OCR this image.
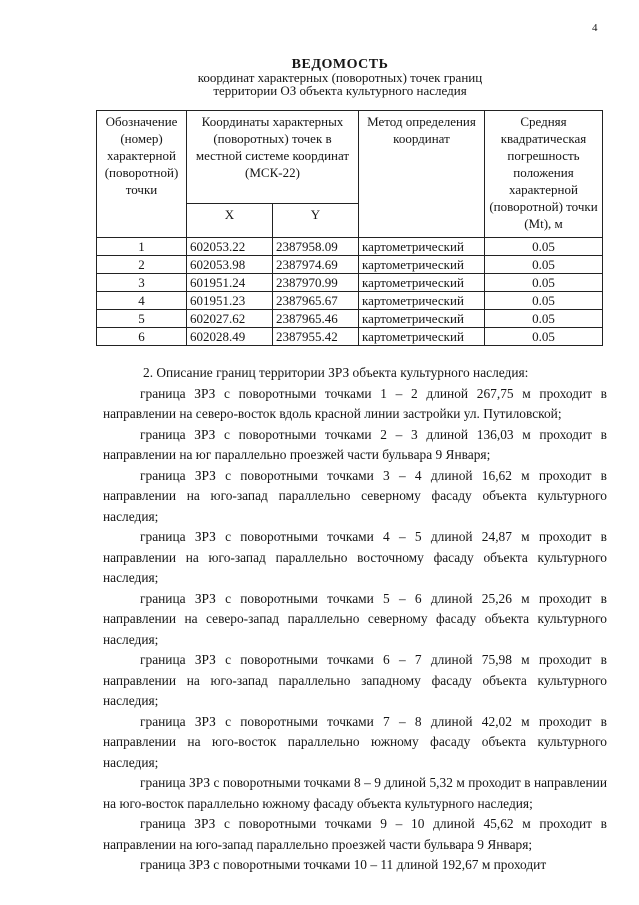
4
ВЕДОМОСТЬ
координат характерных (поворотных) точек границ
территории ОЗ объекта культурного наследия
Обозначение (номер) характерной (поворотной) точки	Координаты характерных (поворотных) точек в местной системе координат (МСК-22)		Метод определения координат	Средняя квадратическая погрешность положения характерной (поворотной) точки (Mt), м
	X	Y		
1	602053.22	2387958.09	картометрический	0.05
2	602053.98	2387974.69	картометрический	0.05
3	601951.24	2387970.99	картометрический	0.05
4	601951.23	2387965.67	картометрический	0.05
5	602027.62	2387965.46	картометрический	0.05
6	602028.49	2387955.42	картометрический	0.05

2. Описание границ территории ЗРЗ объекта культурного наследия:

граница ЗРЗ с поворотными точками 1 – 2 длиной 267,75 м проходит в направлении на северо-восток вдоль красной линии застройки ул. Путиловской;

граница ЗРЗ с поворотными точками 2 – 3 длиной 136,03 м проходит в направлении на юг параллельно проезжей части бульвара 9 Января;

граница ЗРЗ с поворотными точками 3 – 4 длиной 16,62 м проходит в направлении на юго-запад параллельно северному фасаду объекта культурного наследия;

граница ЗРЗ с поворотными точками 4 – 5 длиной 24,87 м проходит в направлении на юго-запад параллельно восточному фасаду объекта культурного наследия;

граница ЗРЗ с поворотными точками 5 – 6 длиной 25,26 м проходит в направлении на северо-запад параллельно северному фасаду объекта культурного наследия;

граница ЗРЗ с поворотными точками 6 – 7 длиной 75,98 м проходит в направлении на юго-запад параллельно западному фасаду объекта культурного наследия;

граница ЗРЗ с поворотными точками 7 – 8 длиной 42,02 м проходит в направлении на юго-восток параллельно южному фасаду объекта культурного наследия;

граница ЗРЗ с поворотными точками 8 – 9 длиной 5,32 м проходит в направлении на юго-восток параллельно южному фасаду объекта культурного наследия;

граница ЗРЗ с поворотными точками 9 – 10 длиной 45,62 м проходит в направлении на юго-запад параллельно проезжей части бульвара 9 Января;

граница ЗРЗ с поворотными точками 10 – 11 длиной 192,67 м проходит
